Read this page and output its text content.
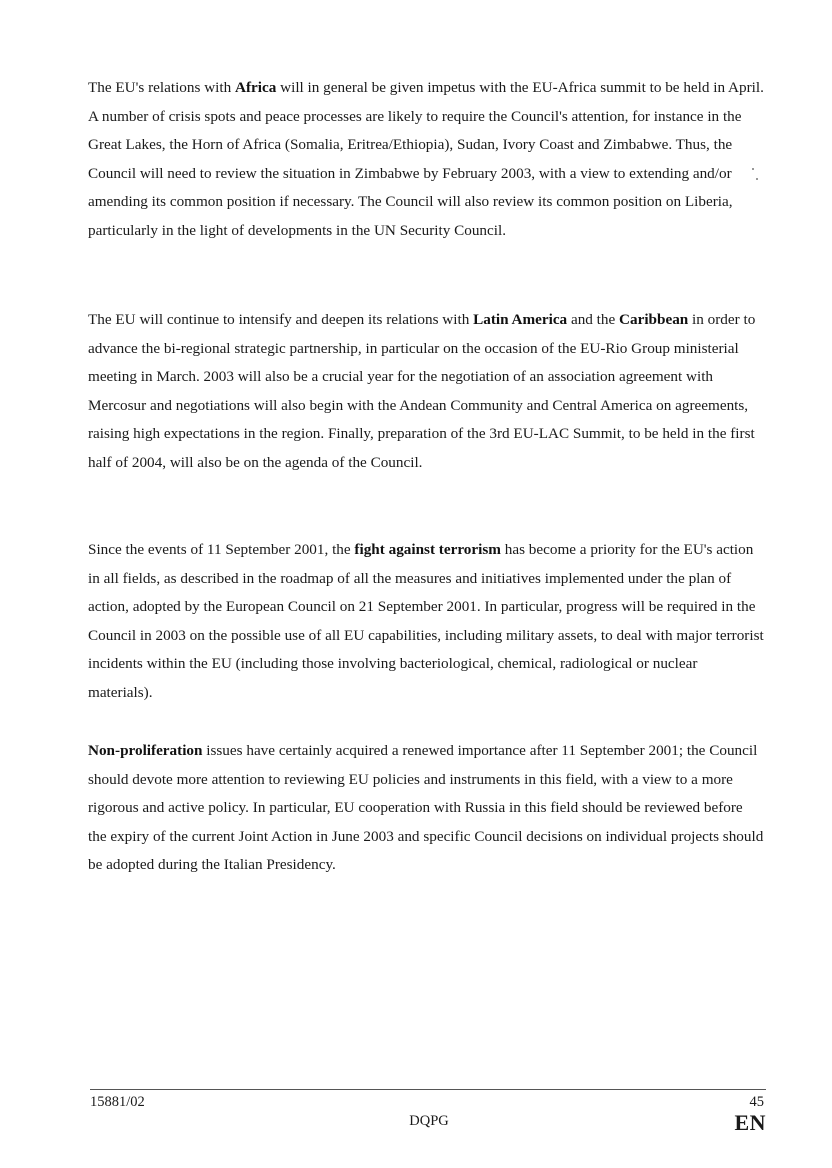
The EU's relations with Africa will in general be given impetus with the EU-Africa summit to be held in April. A number of crisis spots and peace processes are likely to require the Council's attention, for instance in the Great Lakes, the Horn of Africa (Somalia, Eritrea/Ethiopia), Sudan, Ivory Coast and Zimbabwe. Thus, the Council will need to review the situation in Zimbabwe by February 2003, with a view to extending and/or amending its common position if necessary. The Council will also review its common position on Liberia, particularly in the light of developments in the UN Security Council.

The EU will continue to intensify and deepen its relations with Latin America and the Caribbean in order to advance the bi-regional strategic partnership, in particular on the occasion of the EU-Rio Group ministerial meeting in March. 2003 will also be a crucial year for the negotiation of an association agreement with Mercosur and negotiations will also begin with the Andean Community and Central America on agreements, raising high expectations in the region. Finally, preparation of the 3rd EU-LAC Summit, to be held in the first half of 2004, will also be on the agenda of the Council.

Since the events of 11 September 2001, the fight against terrorism has become a priority for the EU's action in all fields, as described in the roadmap of all the measures and initiatives implemented under the plan of action, adopted by the European Council on 21 September 2001. In particular, progress will be required in the Council in 2003 on the possible use of all EU capabilities, including military assets, to deal with major terrorist incidents within the EU (including those involving bacteriological, chemical, radiological or nuclear materials).

Non-proliferation issues have certainly acquired a renewed importance after 11 September 2001; the Council should devote more attention to reviewing EU policies and instruments in this field, with a view to a more rigorous and active policy. In particular, EU cooperation with Russia in this field should be reviewed before the expiry of the current Joint Action in June 2003 and specific Council decisions on individual projects should be adopted during the Italian Presidency.

15881/02
DQPG
45
EN
